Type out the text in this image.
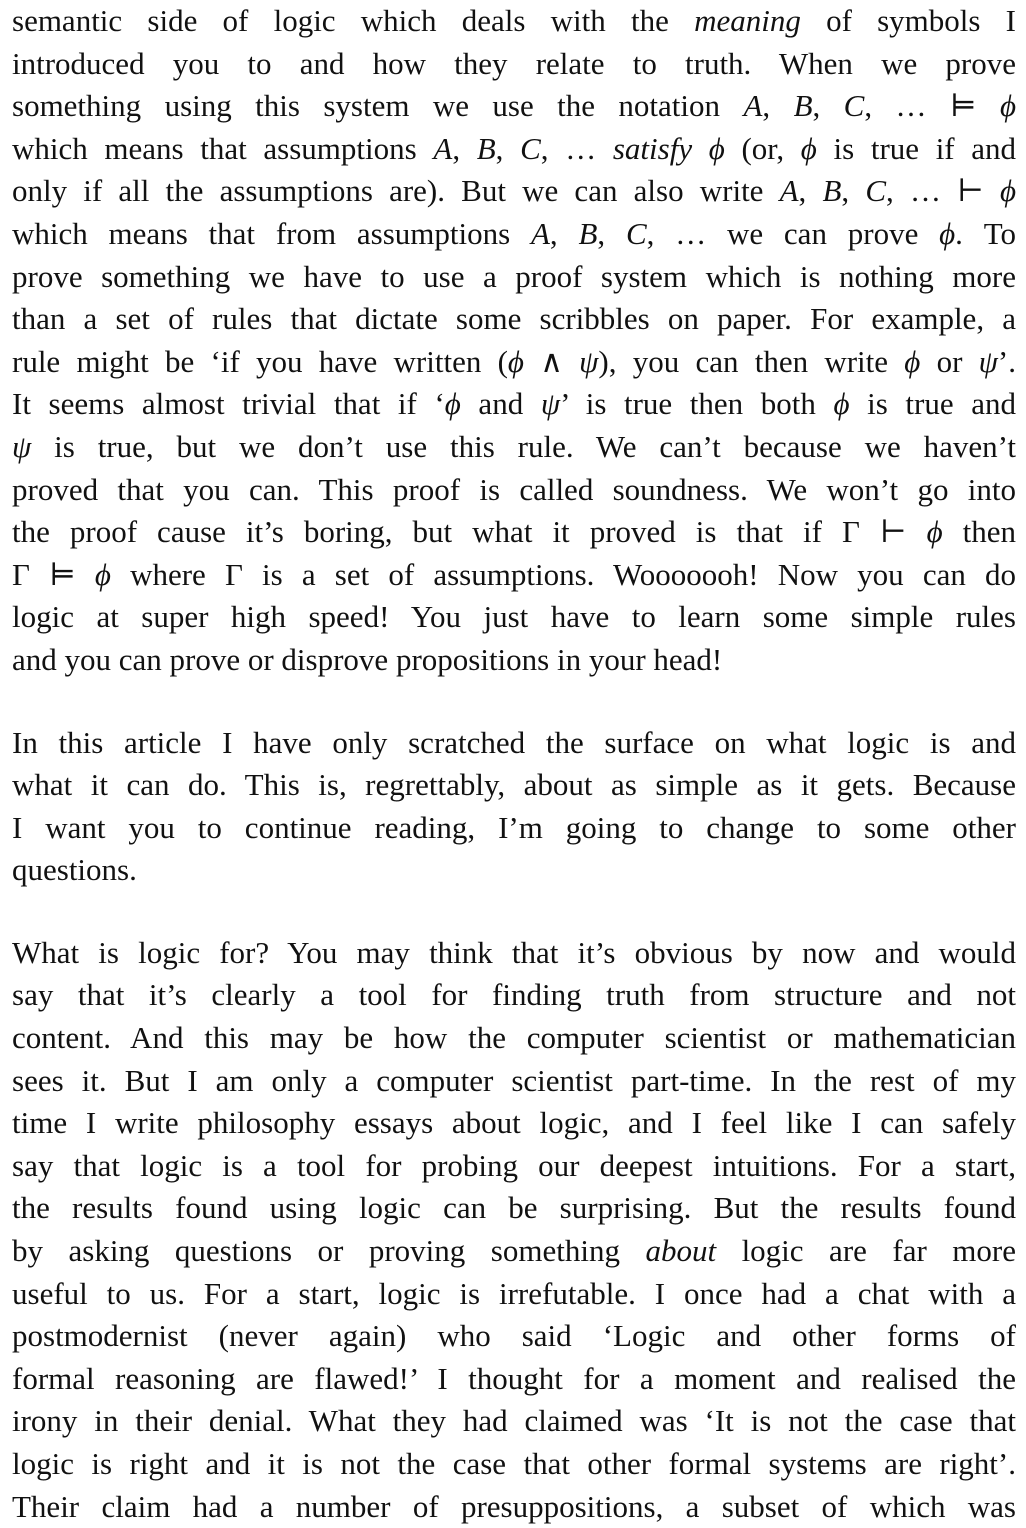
semantic side of logic which deals with the meaning of symbols I
introduced you to and how they relate to truth. When we prove
something using this system we use the notation A, B, C, … ⊨ ϕ
which means that assumptions A, B, C, … satisfy ϕ (or, ϕ is true if and
only if all the assumptions are). But we can also write A, B, C, … ⊢ ϕ
which means that from assumptions A, B, C, … we can prove ϕ. To
prove something we have to use a proof system which is nothing more
than a set of rules that dictate some scribbles on paper. For example, a
rule might be ‘if you have written (ϕ ∧ ψ), you can then write ϕ or ψ’.
It seems almost trivial that if ‘ϕ and ψ’ is true then both ϕ is true and
ψ is true, but we don’t use this rule. We can’t because we haven’t
proved that you can. This proof is called soundness. We won’t go into
the proof cause it’s boring, but what it proved is that if Γ ⊢ ϕ then
Γ ⊨ ϕ where Γ is a set of assumptions. Wooooooh! Now you can do
logic at super high speed! You just have to learn some simple rules
and you can prove or disprove propositions in your head!
In this article I have only scratched the surface on what logic is and
what it can do. This is, regrettably, about as simple as it gets. Because
I want you to continue reading, I’m going to change to some other
questions.
What is logic for? You may think that it’s obvious by now and would
say that it’s clearly a tool for finding truth from structure and not
content. And this may be how the computer scientist or mathematician
sees it. But I am only a computer scientist part-time. In the rest of my
time I write philosophy essays about logic, and I feel like I can safely
say that logic is a tool for probing our deepest intuitions. For a start,
the results found using logic can be surprising. But the results found
by asking questions or proving something about logic are far more
useful to us. For a start, logic is irrefutable. I once had a chat with a
postmodernist (never again) who said ‘Logic and other forms of
formal reasoning are flawed!’ I thought for a moment and realised the
irony in their denial. What they had claimed was ‘It is not the case that
logic is right and it is not the case that other formal systems are right’.
Their claim had a number of presuppositions, a subset of which was
